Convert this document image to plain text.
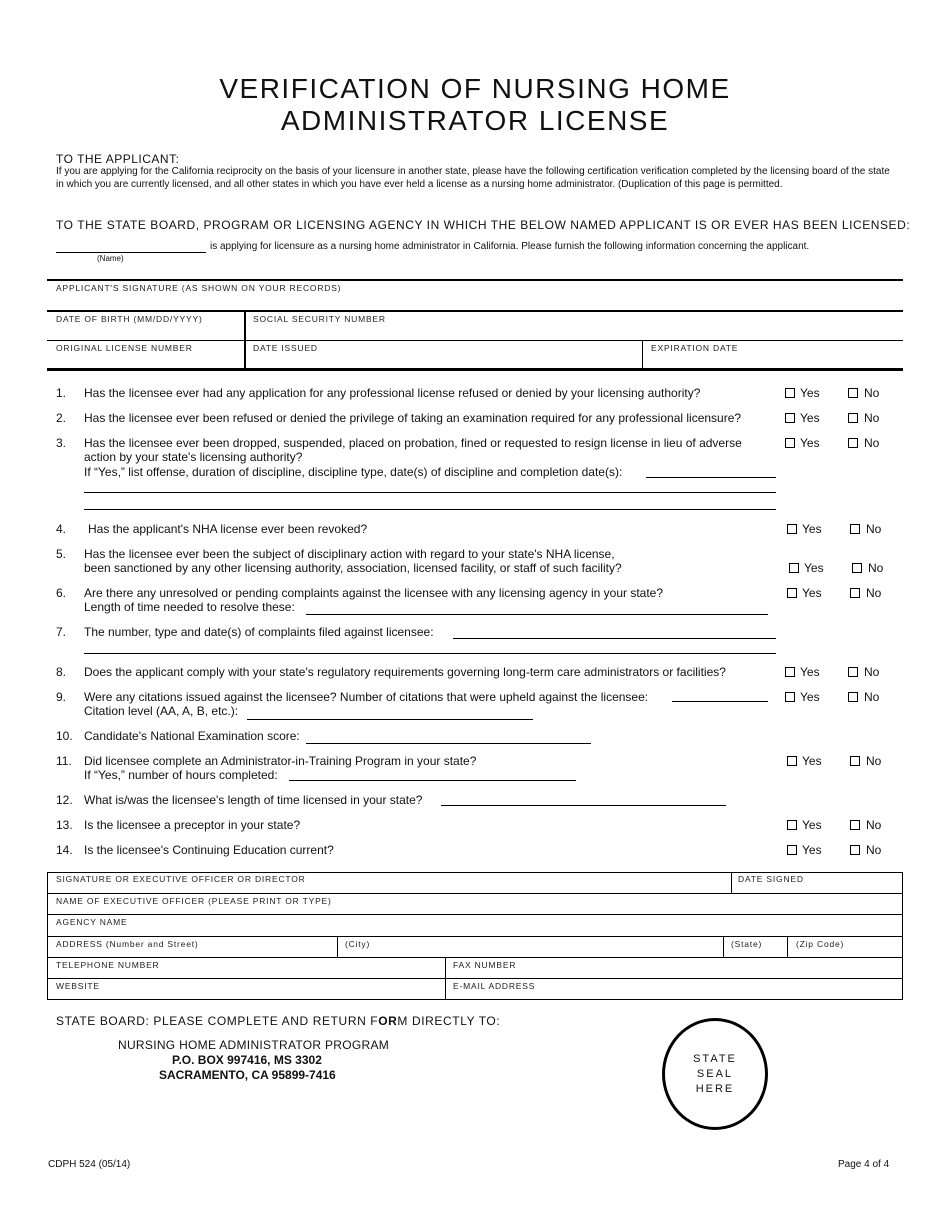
VERIFICATION OF NURSING HOME
ADMINISTRATOR LICENSE
TO THE APPLICANT:
If you are applying for the California reciprocity on the basis of your licensure in another state, please have the following certification verification completed by the licensing board of the state in which you are currently licensed, and all other states in which you have ever held a license as a nursing home administrator. (Duplication of this page is permitted.
TO THE STATE BOARD, PROGRAM OR LICENSING AGENCY IN WHICH THE BELOW NAMED APPLICANT IS OR EVER HAS BEEN LICENSED:
is applying for licensure as a nursing home administrator in California. Please furnish the following information concerning the applicant.
(Name)
APPLICANT'S SIGNATURE (AS SHOWN ON YOUR RECORDS)
DATE OF BIRTH (MM/DD/YYYY)	SOCIAL SECURITY NUMBER
ORIGINAL LICENSE NUMBER	DATE ISSUED	EXPIRATION DATE
1. Has the licensee ever had any application for any professional license refused or denied by your licensing authority?	Yes	No
2. Has the licensee ever been refused or denied the privilege of taking an examination required for any professional licensure?	Yes	No
3. Has the licensee ever been dropped, suspended, placed on probation, fined or requested to resign license in lieu of adverse
action by your state's licensing authority?
If “Yes,” list offense, duration of discipline, discipline type, date(s) of discipline and completion date(s):
Yes	No
4. Has the applicant's NHA license ever been revoked?	Yes	No
5. Has the licensee ever been the subject of disciplinary action with regard to your state's NHA license,
been sanctioned by any other licensing authority, association, licensed facility, or staff of such facility?	Yes	No
6. Are there any unresolved or pending complaints against the licensee with any licensing agency in your state?
Length of time needed to resolve these:
Yes	No
7. The number, type and date(s) of complaints filed against licensee:
8. Does the applicant comply with your state's regulatory requirements governing long-term care administrators or facilities?	Yes	No
9. Were any citations issued against the licensee? Number of citations that were upheld against the licensee:
Citation level (AA, A, B, etc.):
Yes	No
10. Candidate's National Examination score:
11. Did licensee complete an Administrator-in-Training Program in your state?
If “Yes,” number of hours completed:
Yes	No
12. What is/was the licensee's length of time licensed in your state?
13. Is the licensee a preceptor in your state?	Yes	No
14. Is the licensee's Continuing Education current?	Yes	No
SIGNATURE OR EXECUTIVE OFFICER OR DIRECTOR	DATE SIGNED
NAME OF EXECUTIVE OFFICER (PLEASE PRINT OR TYPE)
AGENCY NAME
ADDRESS (Number and Street)	(City)	(State)	(Zip Code)
TELEPHONE NUMBER	FAX NUMBER
WEBSITE	E-MAIL ADDRESS
STATE BOARD: PLEASE COMPLETE AND RETURN FORM DIRECTLY TO:
NURSING HOME ADMINISTRATOR PROGRAM
P.O. BOX 997416, MS 3302
SACRAMENTO, CA 95899-7416
STATE
SEAL
HERE
CDPH 524 (05/14)	Page 4 of 4
